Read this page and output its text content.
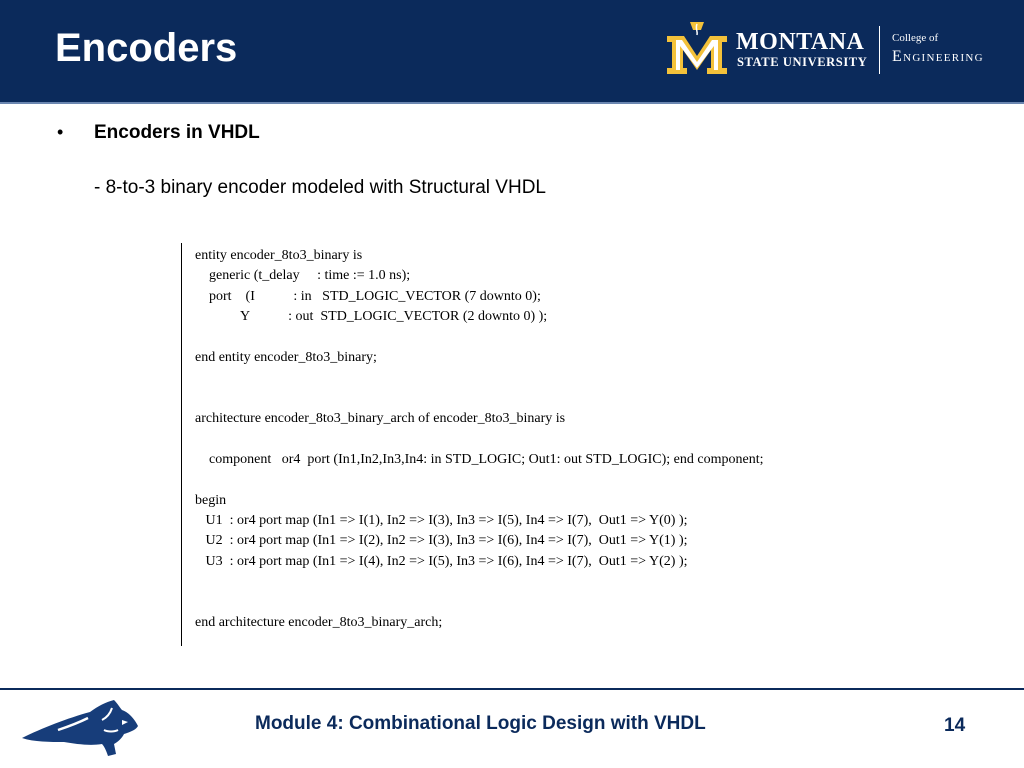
Encoders	MONTANA
STATE UNIVERSITY
College of
Engineering
• Encoders in VHDL
- 8-to-3 binary encoder modeled with Structural VHDL
entity encoder_8to3_binary is
generic (t_delay     : time := 1.0 ns);
port    (I           : in   STD_LOGIC_VECTOR (7 downto 0);
Y           : out  STD_LOGIC_VECTOR (2 downto 0) );
end entity encoder_8to3_binary;
architecture encoder_8to3_binary_arch of encoder_8to3_binary is
component   or4  port (In1,In2,In3,In4: in STD_LOGIC; Out1: out STD_LOGIC); end component;
begin
U1  : or4 port map (In1 => I(1), In2 => I(3), In3 => I(5), In4 => I(7),  Out1 => Y(0) );
U2  : or4 port map (In1 => I(2), In2 => I(3), In3 => I(6), In4 => I(7),  Out1 => Y(1) );
U3  : or4 port map (In1 => I(4), In2 => I(5), In3 => I(6), In4 => I(7),  Out1 => Y(2) );
end architecture encoder_8to3_binary_arch;
Module 4: Combinational Logic Design with VHDL	14
